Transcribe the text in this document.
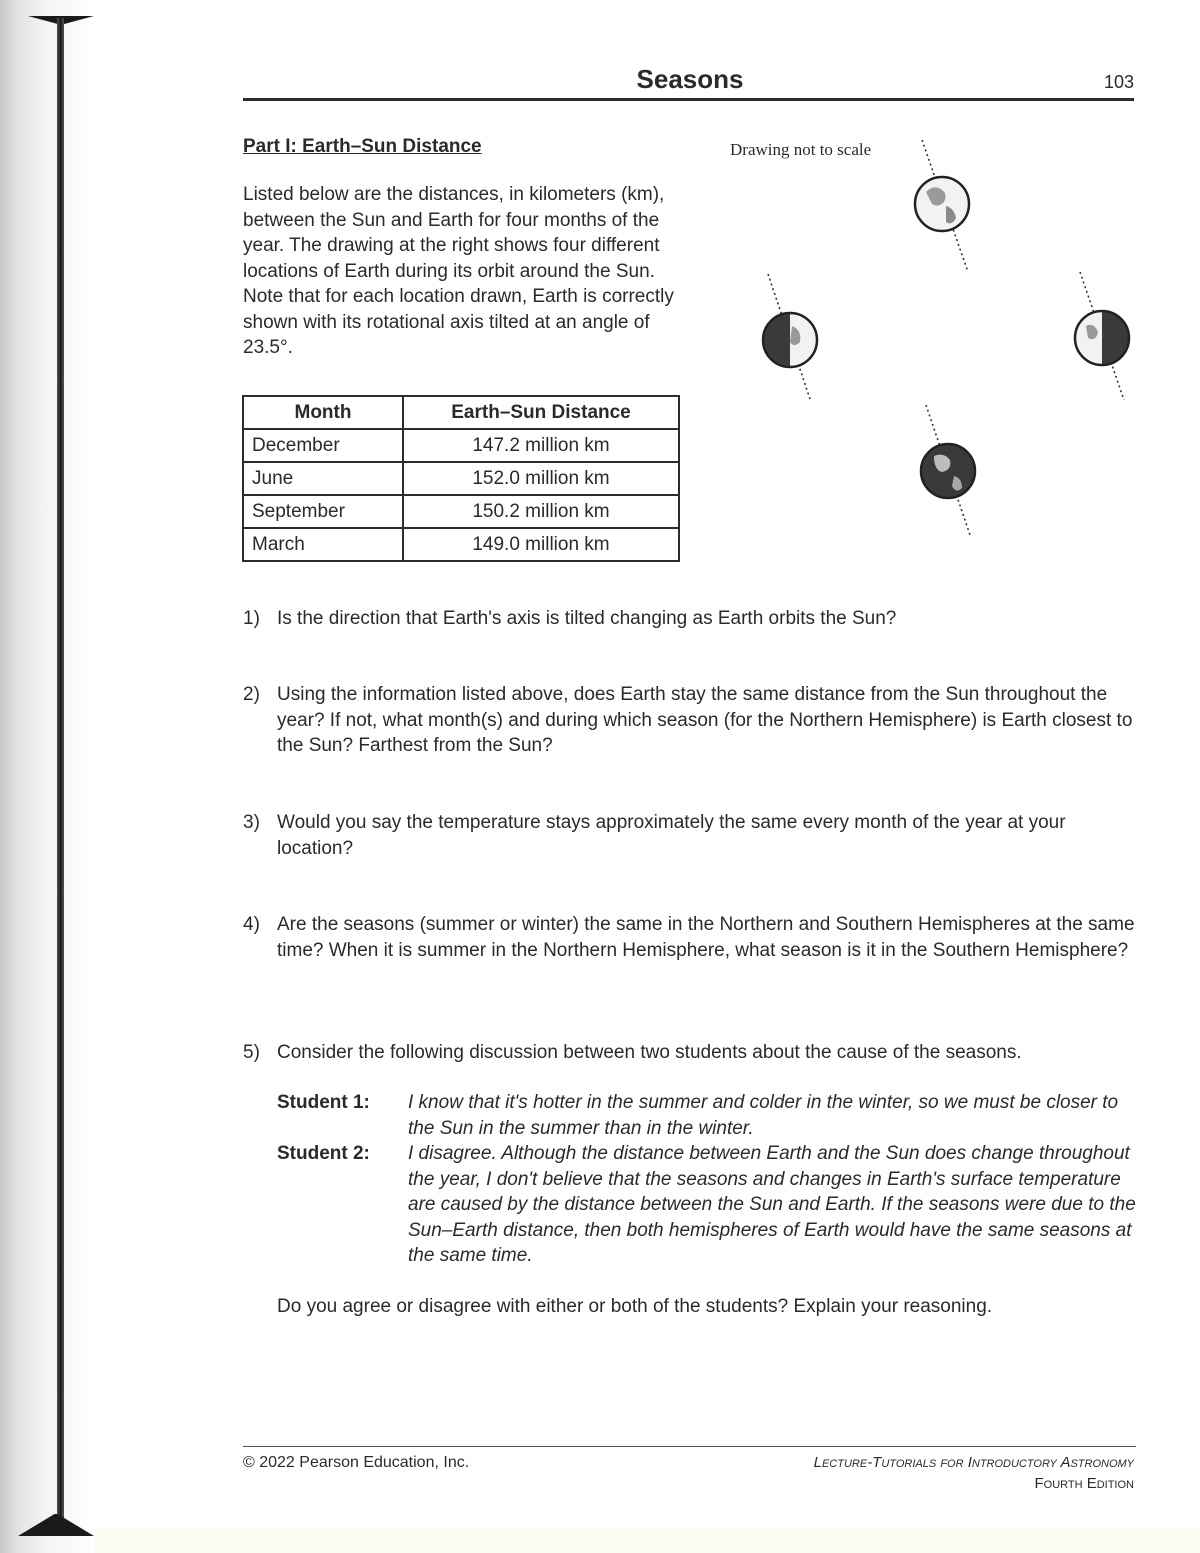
Seasons	103
Part I: Earth–Sun Distance

Listed below are the distances, in kilometers (km), between the Sun and Earth for four months of the year. The drawing at the right shows four different locations of Earth during its orbit around the Sun. Note that for each location drawn, Earth is correctly shown with its rotational axis tilted at an angle of 23.5°.

Drawing not to scale
Month	Earth–Sun Distance
December	147.2 million km
June	152.0 million km
September	150.2 million km
March	149.0 million km
1) Is the direction that Earth's axis is tilted changing as Earth orbits the Sun?
2) Using the information listed above, does Earth stay the same distance from the Sun throughout the year? If not, what month(s) and during which season (for the Northern Hemisphere) is Earth closest to the Sun? Farthest from the Sun?
3) Would you say the temperature stays approximately the same every month of the year at your location?
4) Are the seasons (summer or winter) the same in the Northern and Southern Hemispheres at the same time? When it is summer in the Northern Hemisphere, what season is it in the Southern Hemisphere?
5) Consider the following discussion between two students about the cause of the seasons.
Student 1: I know that it's hotter in the summer and colder in the winter, so we must be closer to the Sun in the summer than in the winter.
Student 2: I disagree. Although the distance between Earth and the Sun does change throughout the year, I don't believe that the seasons and changes in Earth's surface temperature are caused by the distance between the Sun and Earth. If the seasons were due to the Sun–Earth distance, then both hemispheres of Earth would have the same seasons at the same time.
Do you agree or disagree with either or both of the students? Explain your reasoning.
© 2022 Pearson Education, Inc.	Lecture-Tutorials for Introductory Astronomy
Fourth Edition
